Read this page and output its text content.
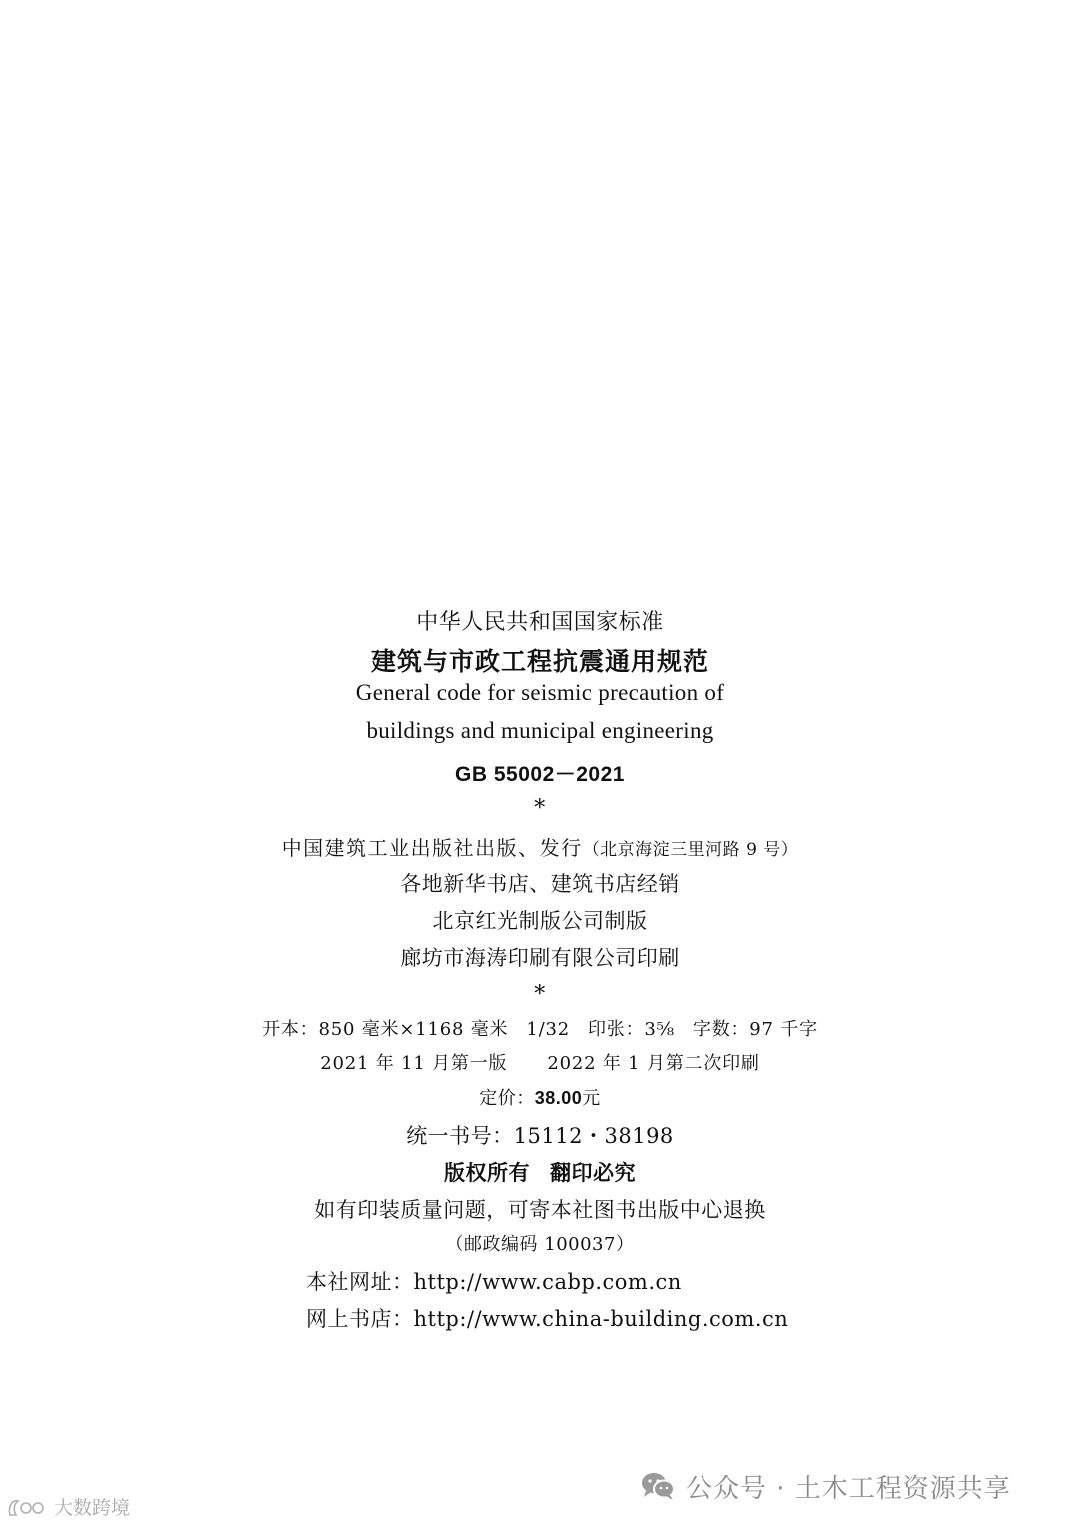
中华人民共和国国家标准
建筑与市政工程抗震通用规范
General code for seismic precaution of
buildings and municipal engineering
GB 55002－2021
*
中国建筑工业出版社出版、发行（北京海淀三里河路 9 号）
各地新华书店、建筑书店经销
北京红光制版公司制版
廊坊市海涛印刷有限公司印刷
*
开本：850 毫米×1168 毫米 1/32 印张：3⅝ 字数：97 千字
2021 年 11 月第一版 2022 年 1 月第二次印刷
定价：38.00元
统一书号：15112・38198
版权所有 翻印必究
如有印装质量问题，可寄本社图书出版中心退换
（邮政编码 100037）
本社网址：http://www.cabp.com.cn
网上书店：http://www.china-building.com.cn
公众号 · 土木工程资源共享
大数跨境
